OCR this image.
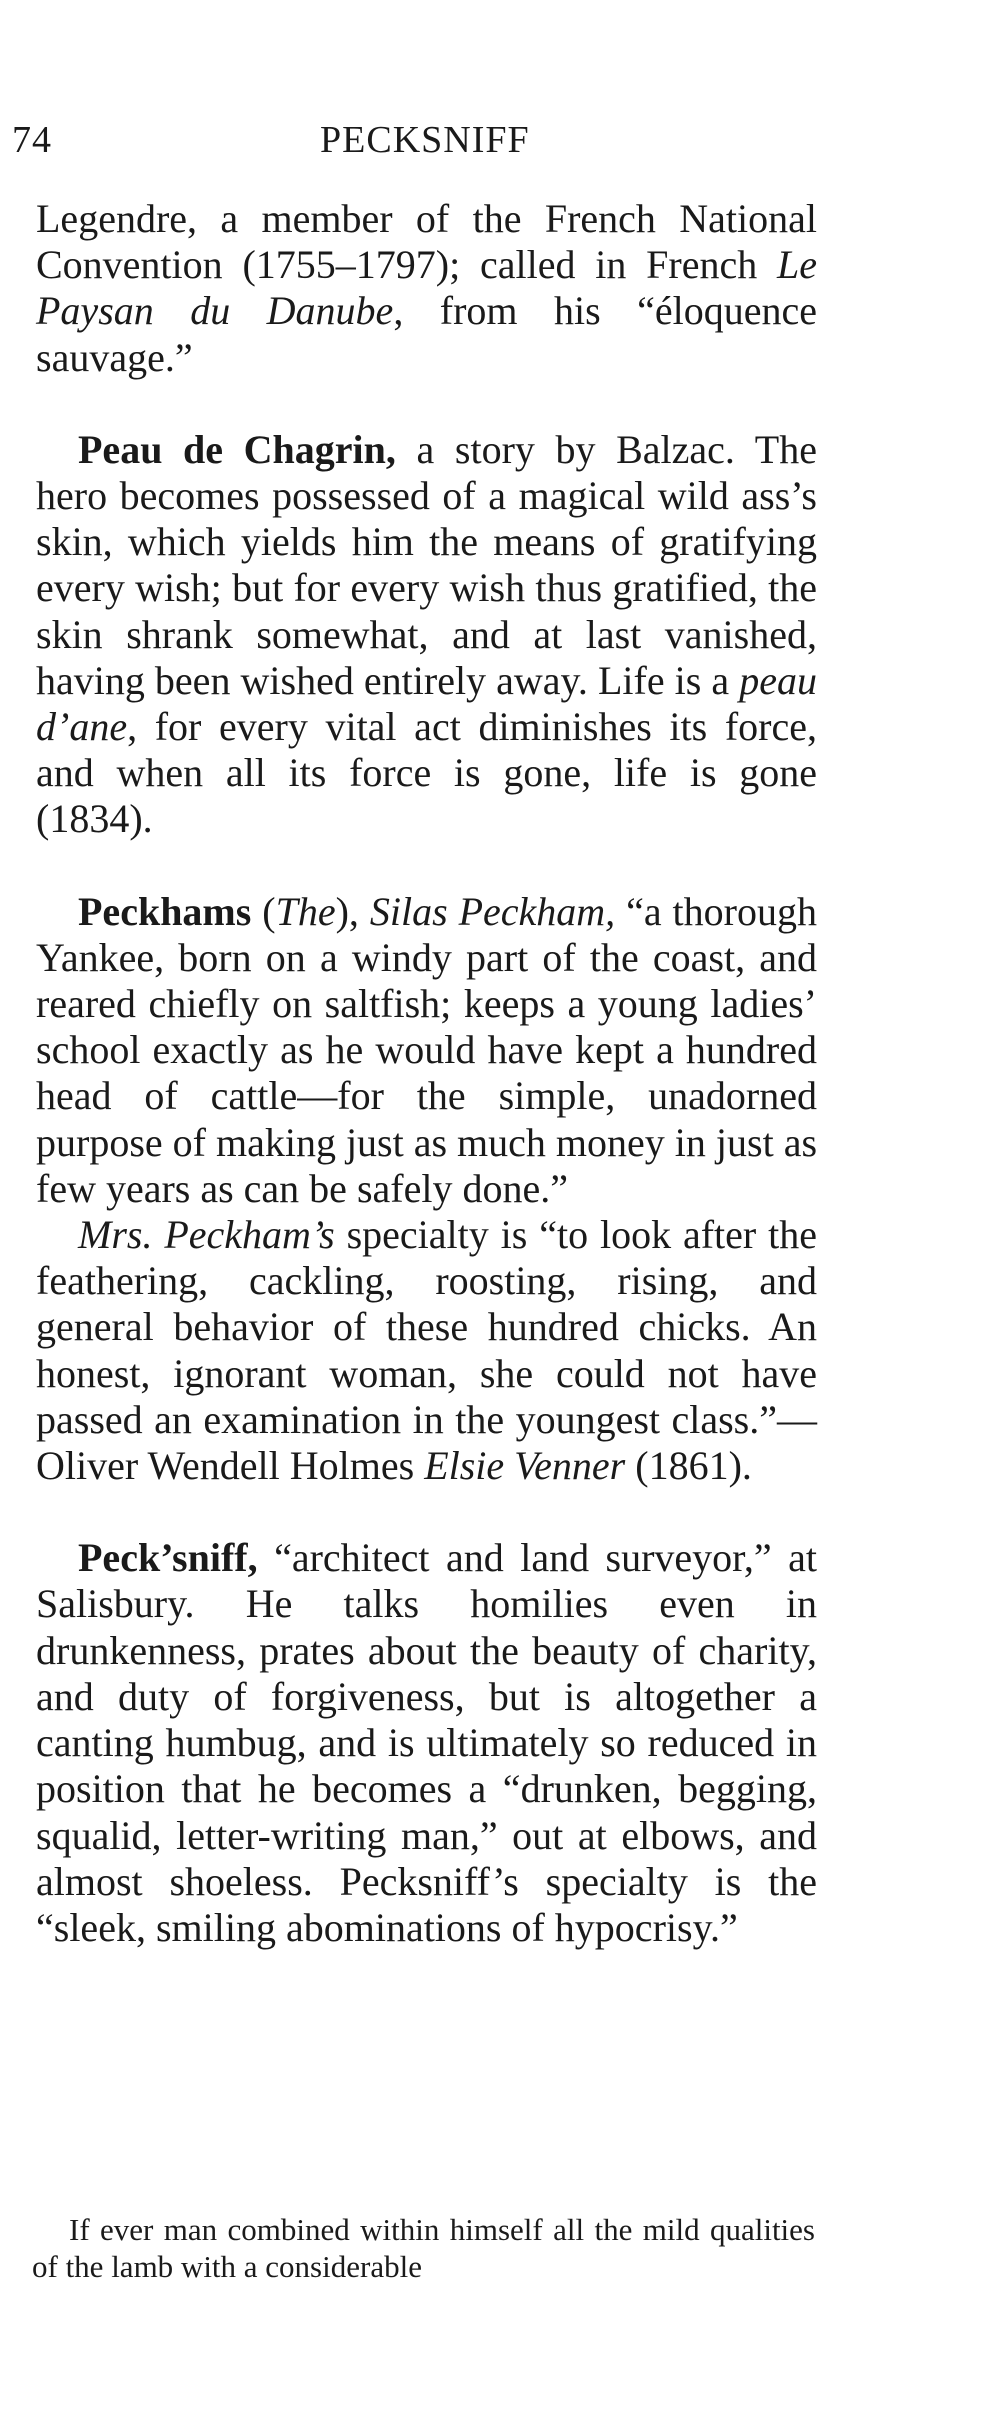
74	PECKSNIFF

Legendre, a member of the French National Convention (1755–1797); called in French Le Paysan du Danube, from his “éloquence sauvage.”

Peau de Chagrin, a story by Balzac. The hero becomes possessed of a magical wild ass’s skin, which yields him the means of gratifying every wish; but for every wish thus gratified, the skin shrank somewhat, and at last vanished, having been wished entirely away. Life is a peau d’ane, for every vital act diminishes its force, and when all its force is gone, life is gone (1834).

Peckhams (The), Silas Peckham, “a thorough Yankee, born on a windy part of the coast, and reared chiefly on saltfish; keeps a young ladies’ school exactly as he would have kept a hundred head of cattle—for the simple, unadorned purpose of making just as much money in just as few years as can be safely done.”

Mrs. Peckham’s specialty is “to look after the feathering, cackling, roosting, rising, and general behavior of these hundred chicks. An honest, ignorant woman, she could not have passed an examination in the youngest class.”—Oliver Wendell Holmes Elsie Venner (1861).

Peck’sniff, “architect and land surveyor,” at Salisbury. He talks homilies even in drunkenness, prates about the beauty of charity, and duty of forgiveness, but is altogether a canting humbug, and is ultimately so reduced in position that he becomes a “drunken, begging, squalid, letter-writing man,” out at elbows, and almost shoeless. Pecksniff’s specialty is the “sleek, smiling abominations of hypocrisy.”

If ever man combined within himself all the mild qualities of the lamb with a considerable
